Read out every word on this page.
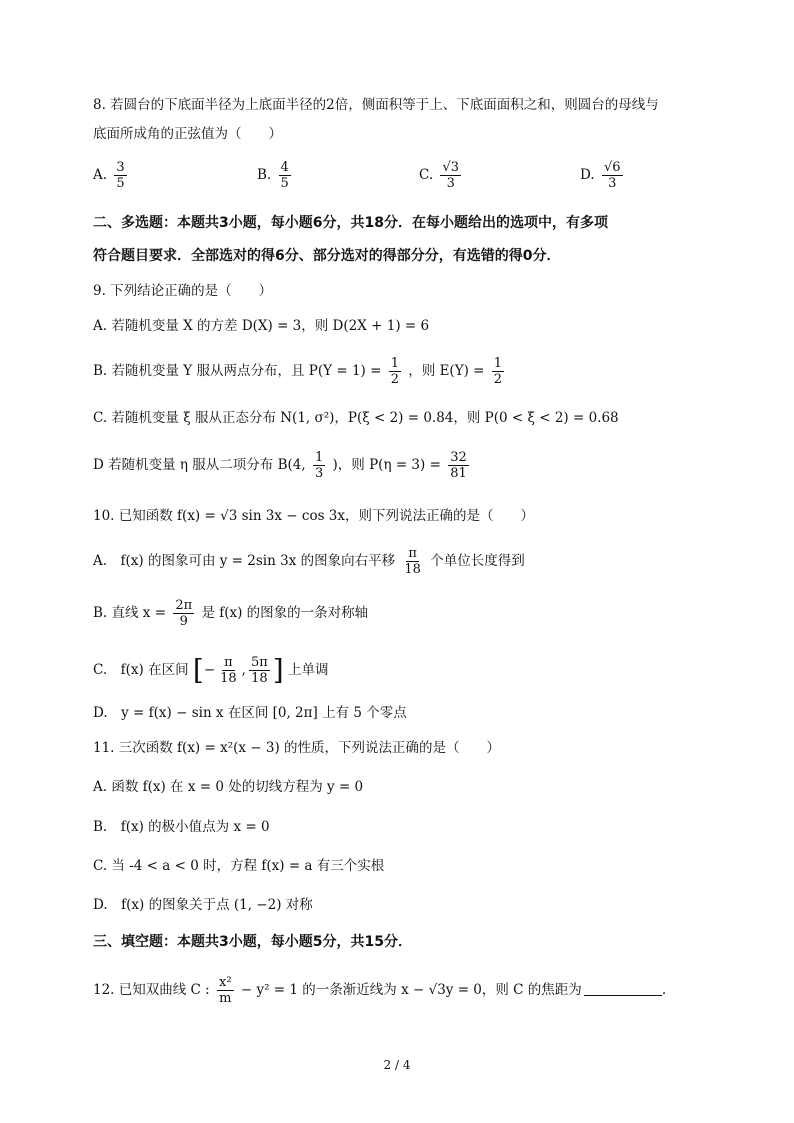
8. 若圆台的下底面半径为上底面半径的2倍，侧面积等于上、下底面面积之和，则圆台的母线与
底面所成角的正弦值为（　　）
A. $\frac{3}{5}$	B. $\frac{4}{5}$	C. $\frac{√3}{3}$	D. $\frac{√6}{3}$
二、多选题：本题共3小题，每小题6分，共18分．在每小题给出的选项中，有多项
符合题目要求．全部选对的得6分、部分选对的得部分分，有选错的得0分．
9. 下列结论正确的是（　　）
A. 若随机变量 X 的方差 D(X) = 3，则 D(2X + 1) = 6
B. 若随机变量 Y 服从两点分布，且 $P(Y = 1) = \frac{1}{2}$ ，则 $E(Y) = \frac{1}{2}$
C. 若随机变量 ξ 服从正态分布 N(1, σ²)，P(ξ < 2) = 0.84，则 P(0 < ξ < 2) = 0.68
D 若随机变量 η 服从二项分布 B(4, $\frac{1}{3}$ )，则 $P(\eta = 3) = \frac{32}{81}$
10. 已知函数 f(x) = √3 sin 3x − cos 3x，则下列说法正确的是（　　）
A.　f(x) 的图象可由 y = 2sin 3x 的图象向右平移 $\frac{\pi}{18}$ 个单位长度得到
B. 直线 $x = \frac{2\pi}{9}$ 是 f(x) 的图象的一条对称轴
C.　f(x) 在区间 [− $\frac{\pi}{18}$ , $\frac{5\pi}{18}$ ] 上单调
D.　y = f(x) − sin x 在区间 [0, 2π] 上有 5 个零点
11. 三次函数 f(x) = x²(x − 3) 的性质，下列说法正确的是（　　）
A. 函数 f(x) 在 x = 0 处的切线方程为 y = 0
B.　f(x) 的极小值点为 x = 0
C. 当 -4 < a < 0 时，方程 f(x) = a 有三个实根
D.　f(x) 的图象关于点 (1, −2) 对称
三、填空题：本题共3小题，每小题5分，共15分．
12. 已知双曲线 C : $\frac{\text{x²}}{m} - y^2 = 1$ 的一条渐近线为 x − √3y = 0，则 C 的焦距为	.
2 / 4
